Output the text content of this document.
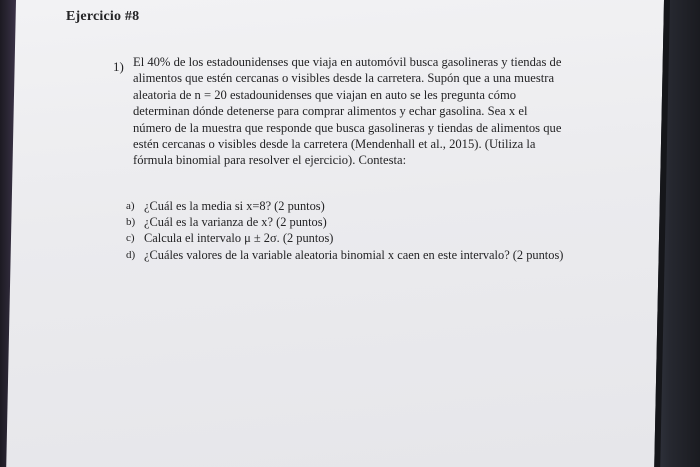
Ejercicio #8
1) El 40% de los estadounidenses que viaja en automóvil busca gasolineras y tiendas de
alimentos que estén cercanas o visibles desde la carretera. Supón que a una muestra
aleatoria de n = 20 estadounidenses que viajan en auto se les pregunta cómo
determinan dónde detenerse para comprar alimentos y echar gasolina. Sea x el
número de la muestra que responde que busca gasolineras y tiendas de alimentos que
estén cercanas o visibles desde la carretera (Mendenhall et al., 2015). (Utiliza la
fórmula binomial para resolver el ejercicio). Contesta:

a) ¿Cuál es la media si x=8? (2 puntos)
b) ¿Cuál es la varianza de x? (2 puntos)
c) Calcula el intervalo μ ± 2σ. (2 puntos)
d) ¿Cuáles valores de la variable aleatoria binomial x caen en este intervalo? (2 puntos)
